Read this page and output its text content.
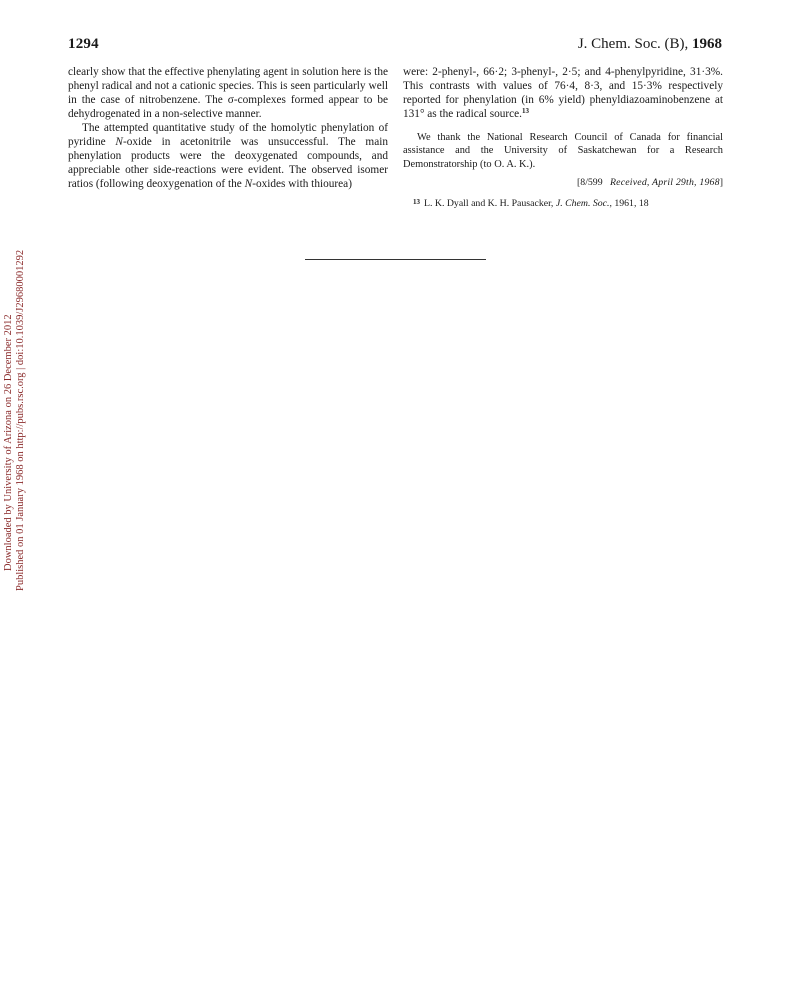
1294	J. Chem. Soc. (B), 1968

clearly show that the effective phenylating agent in solution here is the phenyl radical and not a cationic species. This is seen particularly well in the case of nitrobenzene. The σ-complexes formed appear to be dehydrogenated in a non-selective manner.

The attempted quantitative study of the homolytic phenylation of pyridine N-oxide in acetonitrile was unsuccessful. The main phenylation products were the deoxygenated compounds, and appreciable other side-reactions were evident. The observed isomer ratios (following deoxygenation of the N-oxides with thiourea)

were: 2-phenyl-, 66·2; 3-phenyl-, 2·5; and 4-phenylpyridine, 31·3%. This contrasts with values of 76·4, 8·3, and 15·3% respectively reported for phenylation (in 6% yield) phenyldiazoaminobenzene at 131° as the radical source.$^{13}$

We thank the National Research Council of Canada for financial assistance and the University of Saskatchewan for a Research Demonstratorship (to O. A. K.).

[8/599 Received, April 29th, 1968]

$^{13}$ L. K. Dyall and K. H. Pausacker, J. Chem. Soc., 1961, 18

Downloaded by University of Arizona on 26 December 2012 Published on 01 January 1968 on http://pubs.rsc.org | doi:10.1039/J29680001292
